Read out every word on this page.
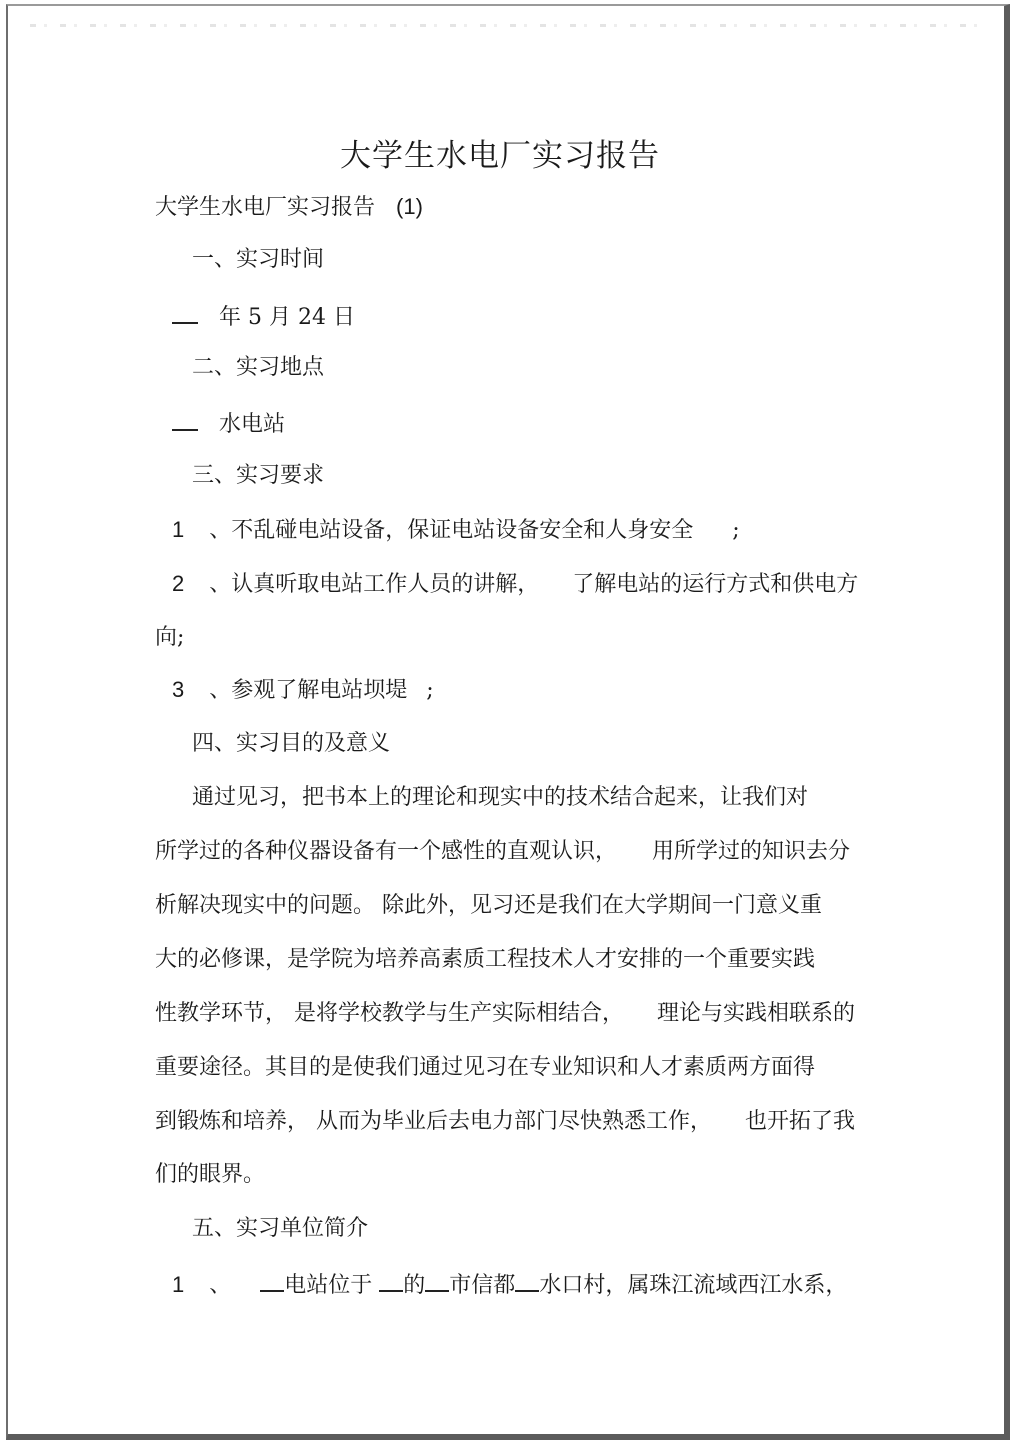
大学生水电厂实习报告
大学生水电厂实习报告 (1)
一、实习时间
年 5 月 24 日
二、实习地点
水电站
三、实习要求
1 、不乱碰电站设备，保证电站设备安全和人身安全 ;
2 、认真听取电站工作人员的讲解， 了解电站的运行方式和供电方
向;
3 、参观了解电站坝堤 ;
四、实习目的及意义
通过见习，把书本上的理论和现实中的技术结合起来，让我们对
所学过的各种仪器设备有一个感性的直观认识， 用所学过的知识去分
析解决现实中的问题。 除此外，见习还是我们在大学期间一门意义重
大的必修课，是学院为培养高素质工程技术人才安排的一个重要实践
性教学环节， 是将学校教学与生产实际相结合， 理论与实践相联系的
重要途径。其目的是使我们通过见习在专业知识和人才素质两方面得
到锻炼和培养， 从而为毕业后去电力部门尽快熟悉工作， 也开拓了我
们的眼界。
五、实习单位简介
1 、 电站位于 的 市信都 水口村，属珠江流域西江水系，
